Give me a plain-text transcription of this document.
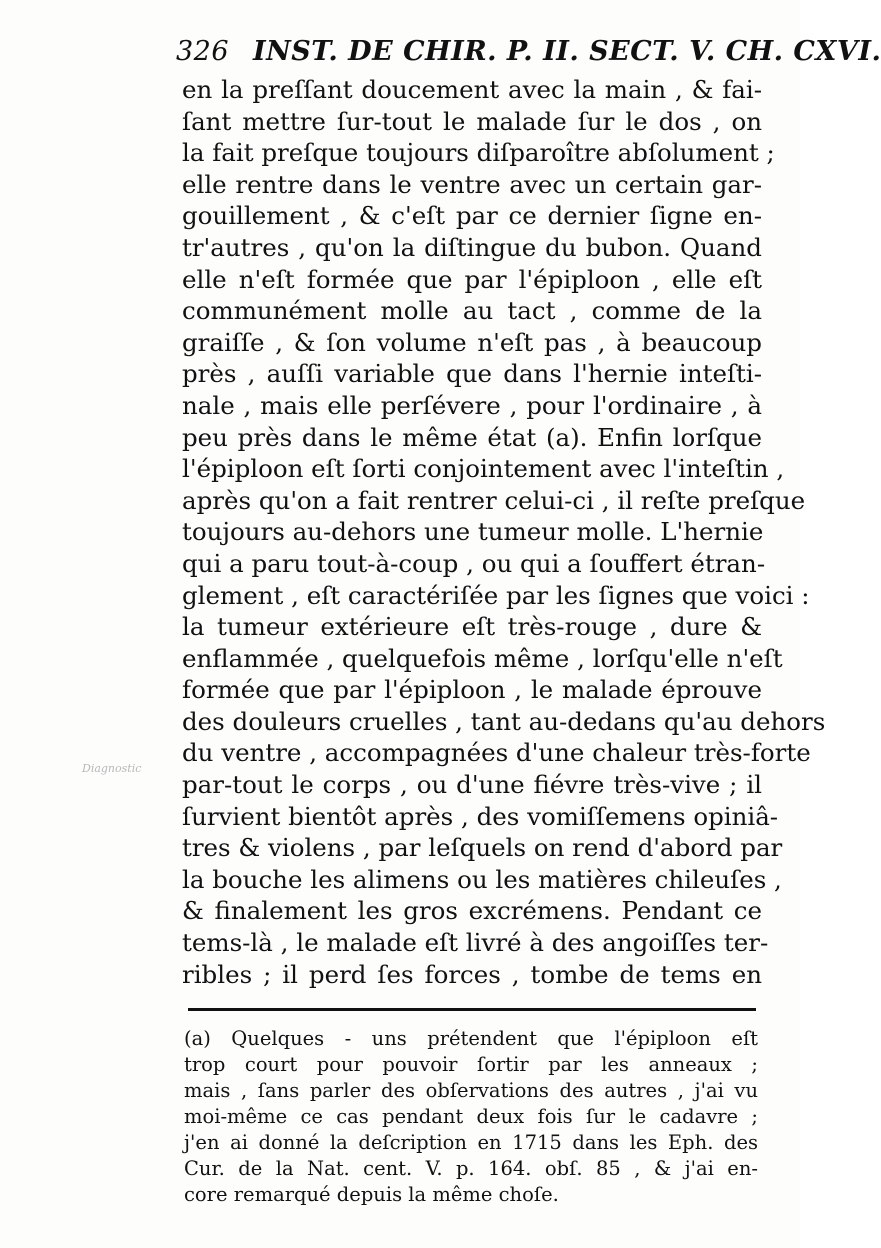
326 INST. DE CHIR. P. II. SECT. V. CH. CXVI.
Diagnostic
en la preſſant doucement avec la main , & fai-
ſant mettre ſur-tout le malade ſur le dos , on
la fait preſque toujours diſparoître abſolument ;
elle rentre dans le ventre avec un certain gar-
gouillement , & c'eſt par ce dernier ſigne en-
tr'autres , qu'on la diſtingue du bubon. Quand
elle n'eſt formée que par l'épiploon , elle eſt
communément molle au tact , comme de la
graiſſe , & ſon volume n'eſt pas , à beaucoup
près , auſſi variable que dans l'hernie inteſti-
nale , mais elle perſévere , pour l'ordinaire , à
peu près dans le même état (a). Enfin lorſque
l'épiploon eſt ſorti conjointement avec l'inteſtin ,
après qu'on a fait rentrer celui-ci , il reſte preſque
toujours au-dehors une tumeur molle. L'hernie
qui a paru tout-à-coup , ou qui a ſouffert étran-
glement , eſt caractériſée par les ſignes que voici :
la tumeur extérieure eſt très-rouge , dure &
enflammée , quelquefois même , lorſqu'elle n'eſt
formée que par l'épiploon , le malade éprouve
des douleurs cruelles , tant au-dedans qu'au dehors
du ventre , accompagnées d'une chaleur très-forte
par-tout le corps , ou d'une fiévre très-vive ; il
ſurvient bientôt après , des vomiſſemens opiniâ-
tres & violens , par leſquels on rend d'abord par
la bouche les alimens ou les matières chileuſes ,
& finalement les gros excrémens. Pendant ce
tems-là , le malade eſt livré à des angoiſſes ter-
ribles ; il perd ſes forces , tombe de tems en
(a) Quelques - uns prétendent que l'épiploon eſt
trop court pour pouvoir ſortir par les anneaux ;
mais , ſans parler des obſervations des autres , j'ai vu
moi-même ce cas pendant deux fois ſur le cadavre ;
j'en ai donné la deſcription en 1715 dans les Eph. des
Cur. de la Nat. cent. V. p. 164. obſ. 85 , & j'ai en-
core remarqué depuis la même choſe.
